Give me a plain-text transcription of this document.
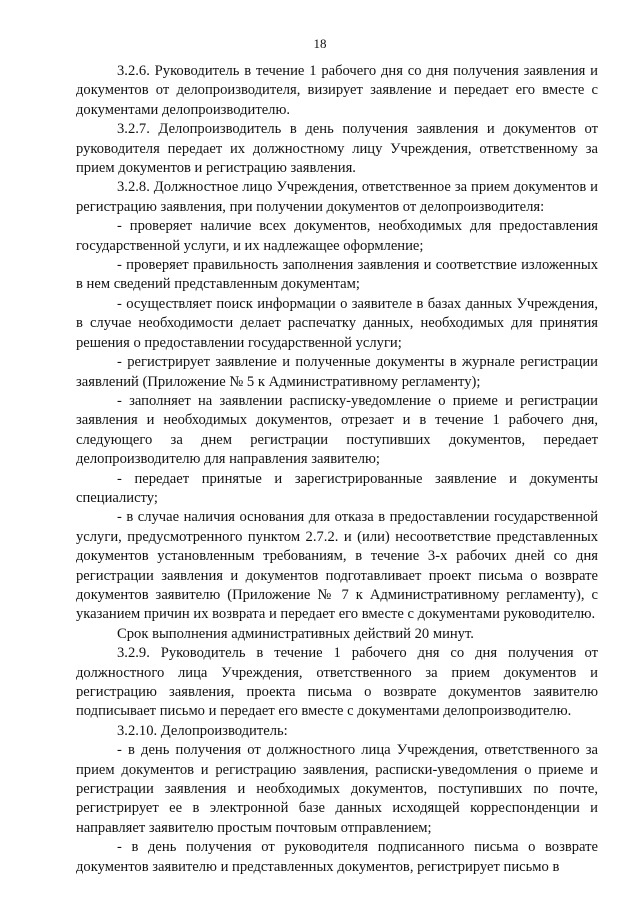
18

3.2.6. Руководитель в течение 1 рабочего дня со дня получения заявления и документов от делопроизводителя, визирует заявление и передает его вместе с документами делопроизводителю.

3.2.7. Делопроизводитель в день получения заявления и документов от руководителя передает их должностному лицу Учреждения, ответственному за прием документов и регистрацию заявления.

3.2.8. Должностное лицо Учреждения, ответственное за прием документов и регистрацию заявления, при получении документов от делопроизводителя:

- проверяет наличие всех документов, необходимых для предоставления государственной услуги, и их надлежащее оформление;

- проверяет правильность заполнения заявления и соответствие изложенных в нем сведений представленным документам;

- осуществляет поиск информации о заявителе в базах данных Учреждения, в случае необходимости делает распечатку данных, необходимых для принятия решения о предоставлении государственной услуги;

- регистрирует заявление и полученные документы в журнале регистрации заявлений (Приложение № 5 к Административному регламенту);

- заполняет на заявлении расписку-уведомление о приеме и регистрации заявления и необходимых документов, отрезает и в течение 1 рабочего дня, следующего за днем регистрации поступивших документов, передает делопроизводителю для направления заявителю;

- передает принятые и зарегистрированные заявление и документы специалисту;

- в случае наличия основания для отказа в предоставлении государственной услуги, предусмотренного пунктом 2.7.2. и (или) несоответствие представленных документов установленным требованиям, в течение 3-х рабочих дней со дня регистрации заявления и документов подготавливает проект письма о возврате документов заявителю (Приложение № 7 к Административному регламенту), с указанием причин их возврата и передает его вместе с документами руководителю.

Срок выполнения административных действий 20 минут.

3.2.9. Руководитель в течение 1 рабочего дня со дня получения от должностного лица Учреждения, ответственного за прием документов и регистрацию заявления, проекта письма о возврате документов заявителю подписывает письмо и передает его вместе с документами делопроизводителю.

3.2.10. Делопроизводитель:

- в день получения от должностного лица Учреждения, ответственного за прием документов и регистрацию заявления, расписки-уведомления о приеме и регистрации заявления и необходимых документов, поступивших по почте, регистрирует ее в электронной базе данных исходящей корреспонденции и направляет заявителю простым почтовым отправлением;

- в день получения от руководителя подписанного письма о возврате документов заявителю и представленных документов, регистрирует письмо в
